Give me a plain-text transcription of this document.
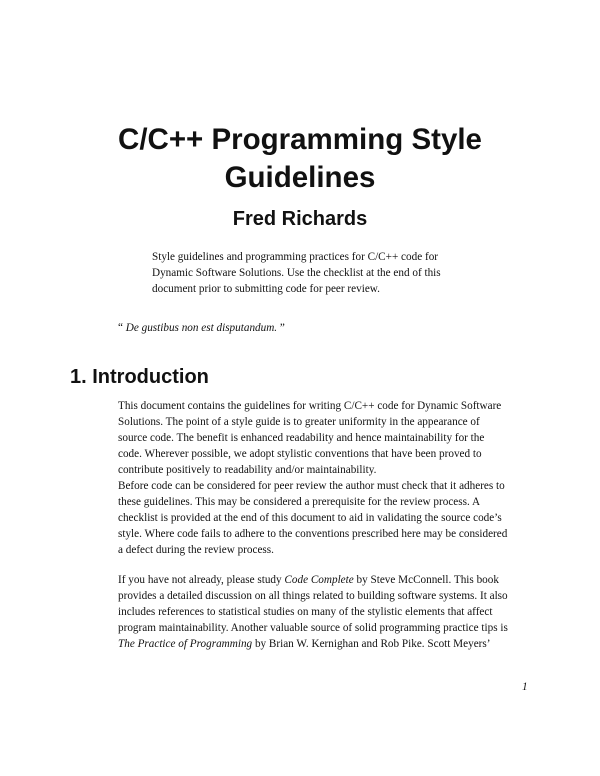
C/C++ Programming Style
Guidelines
Fred Richards
Style guidelines and programming practices for C/C++ code for
Dynamic Software Solutions. Use the checklist at the end of this
document prior to submitting code for peer review.
“ De gustibus non est disputandum. ”
1. Introduction
This document contains the guidelines for writing C/C++ code for Dynamic Software
Solutions. The point of a style guide is to greater uniformity in the appearance of
source code. The benefit is enhanced readability and hence maintainability for the
code. Wherever possible, we adopt stylistic conventions that have been proved to
contribute positively to readability and/or maintainability.
Before code can be considered for peer review the author must check that it adheres to
these guidelines. This may be considered a prerequisite for the review process. A
checklist is provided at the end of this document to aid in validating the source code’s
style. Where code fails to adhere to the conventions prescribed here may be considered
a defect during the review process.
If you have not already, please study Code Complete by Steve McConnell. This book
provides a detailed discussion on all things related to building software systems. It also
includes references to statistical studies on many of the stylistic elements that affect
program maintainability. Another valuable source of solid programming practice tips is
The Practice of Programming by Brian W. Kernighan and Rob Pike. Scott Meyers’
1
